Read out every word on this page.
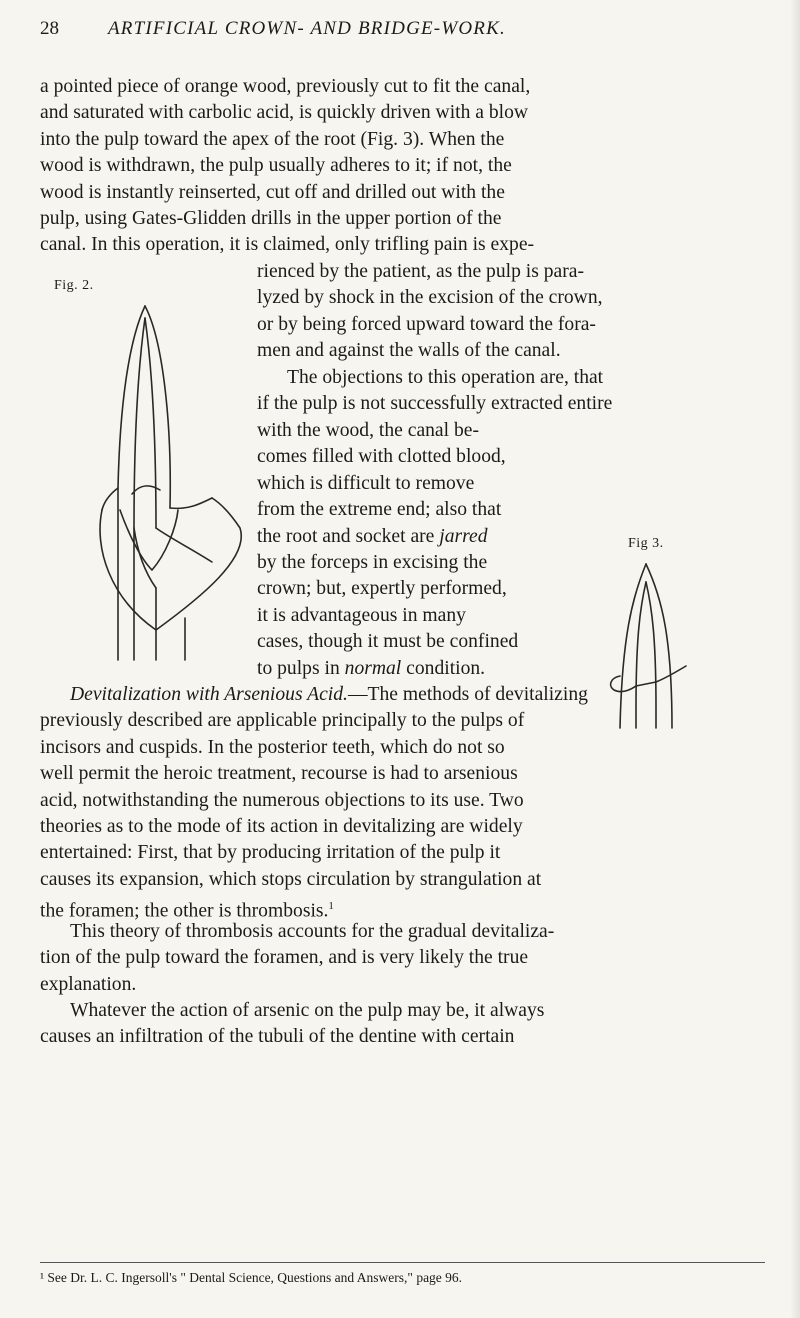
28	ARTIFICIAL CROWN- AND BRIDGE-WORK.
a pointed piece of orange wood, previously cut to fit the canal,
and saturated with carbolic acid, is quickly driven with a blow
into the pulp toward the apex of the root (Fig. 3). When the
wood is withdrawn, the pulp usually adheres to it; if not, the
wood is instantly reinserted, cut off and drilled out with the
pulp, using Gates-Glidden drills in the upper portion of the
canal. In this operation, it is claimed, only trifling pain is expe-
rienced by the patient, as the pulp is para-
lyzed by shock in the excision of the crown,
or by being forced upward toward the fora-
men and against the walls of the canal.
The objections to this operation are, that
if the pulp is not successfully extracted entire
with the wood, the canal be-
comes filled with clotted blood,
which is difficult to remove
from the extreme end; also that
the root and socket are jarred
by the forceps in excising the
crown; but, expertly performed,
it is advantageous in many
cases, though it must be confined
to pulps in normal condition.
Devitalization with Arsenious Acid.—The methods of devitalizing
previously described are applicable principally to the pulps of
incisors and cuspids. In the posterior teeth, which do not so
well permit the heroic treatment, recourse is had to arsenious
acid, notwithstanding the numerous objections to its use. Two
theories as to the mode of its action in devitalizing are widely
entertained: First, that by producing irritation of the pulp it
causes its expansion, which stops circulation by strangulation at
the foramen; the other is thrombosis.$^1$
This theory of thrombosis accounts for the gradual devitaliza-
tion of the pulp toward the foramen, and is very likely the true
explanation.
Whatever the action of arsenic on the pulp may be, it always
causes an infiltration of the tubuli of the dentine with certain
¹ See Dr. L. C. Ingersoll's " Dental Science, Questions and Answers," page 96.
Fig. 2.
Fig 3.
